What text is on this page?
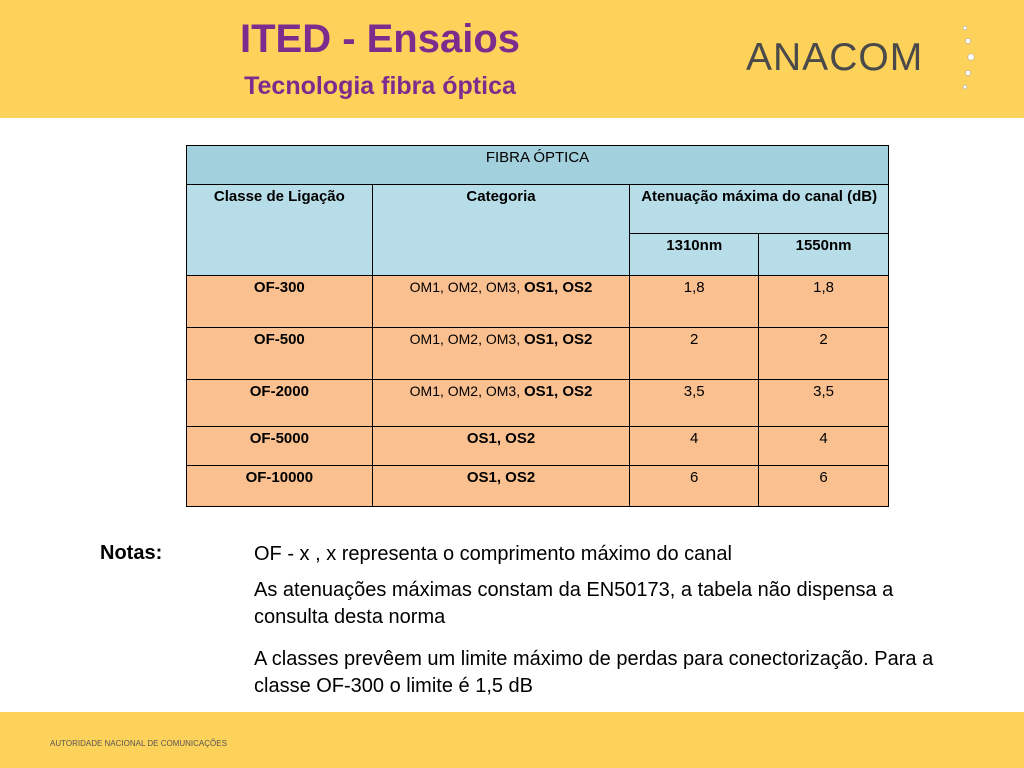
ITED - Ensaios
Tecnologia fibra óptica
ANACOM
FIBRA ÓPTICA			
Classe de Ligação	Categoria	Atenuação máxima do canal (dB)	
		1310nm	1550nm
OF-300	OM1, OM2, OM3, OS1, OS2	1,8	1,8
OF-500	OM1, OM2, OM3, OS1, OS2	2	2
OF-2000	OM1, OM2, OM3, OS1, OS2	3,5	3,5
OF-5000	OS1, OS2	4	4
OF-10000	OS1, OS2	6	6
Notas:	OF - x , x representa o comprimento máximo do canal
As atenuações máximas constam da EN50173, a tabela não dispensa a consulta desta norma
A classes prevêem um limite máximo de perdas para conectorização. Para a classe OF-300 o limite é 1,5 dB
AUTORIDADE NACIONAL DE COMUNICAÇÕES
